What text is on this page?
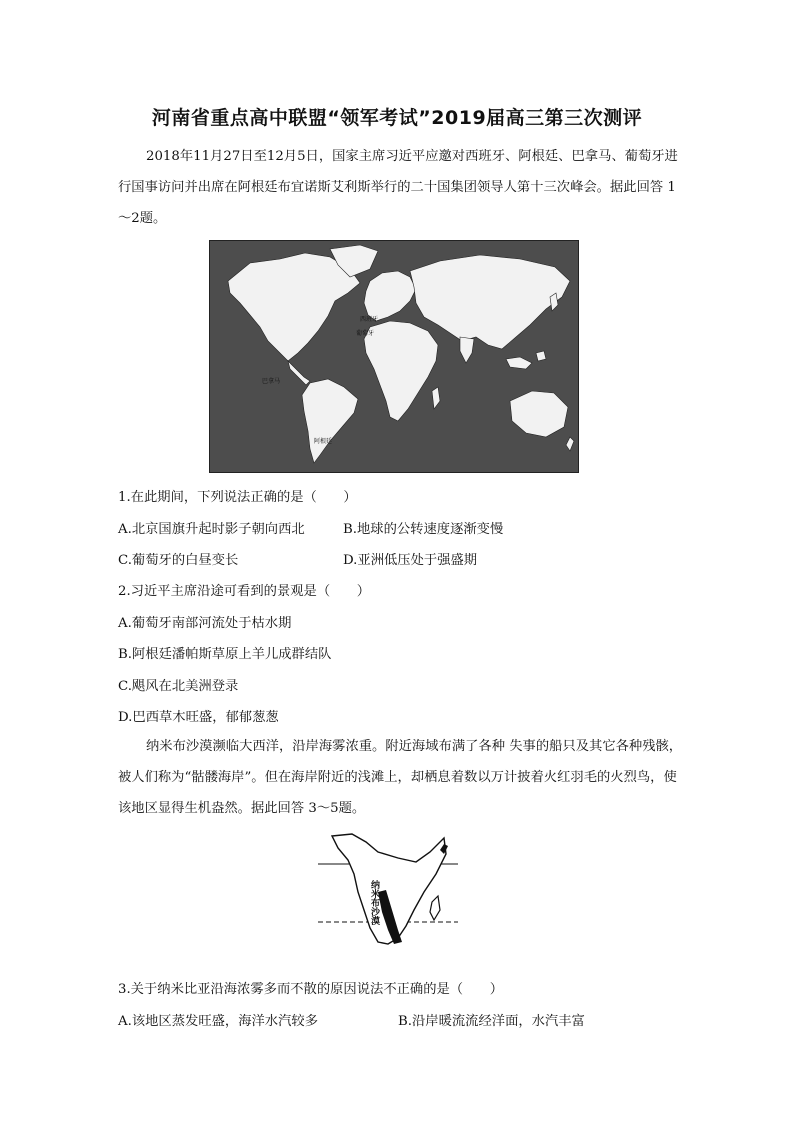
河南省重点高中联盟“领军考试”2019届高三第三次测评
2018年11月27日至12月5日，国家主席习近平应邀对西班牙、阿根廷、巴拿马、葡萄牙进行国事访问并出席在阿根廷布宜诺斯艾利斯举行的二十国集团领导人第十三次峰会。据此回答 1～2题。
西班牙
葡萄牙
巴拿马
阿根廷
1.在此期间，下列说法正确的是（　　）
A.北京国旗升起时影子朝向西北	B.地球的公转速度逐渐变慢
C.葡萄牙的白昼变长	D.亚洲低压处于强盛期
2.习近平主席沿途可看到的景观是（　　）
A.葡萄牙南部河流处于枯水期
B.阿根廷潘帕斯草原上羊儿成群结队
C.飓风在北美洲登录
D.巴西草木旺盛，郁郁葱葱
纳米布沙漠濒临大西洋，沿岸海雾浓重。附近海域布满了各种 失事的船只及其它各种残骸，被人们称为“骷髅海岸”。但在海岸附近的浅滩上，却栖息着数以万计披着火红羽毛的火烈鸟，使该地区显得生机盎然。据此回答 3～5题。
纳米布沙漠
3.关于纳米比亚沿海浓雾多而不散的原因说法不正确的是（　　）
A.该地区蒸发旺盛，海洋水汽较多	B.沿岸暖流流经洋面，水汽丰富
